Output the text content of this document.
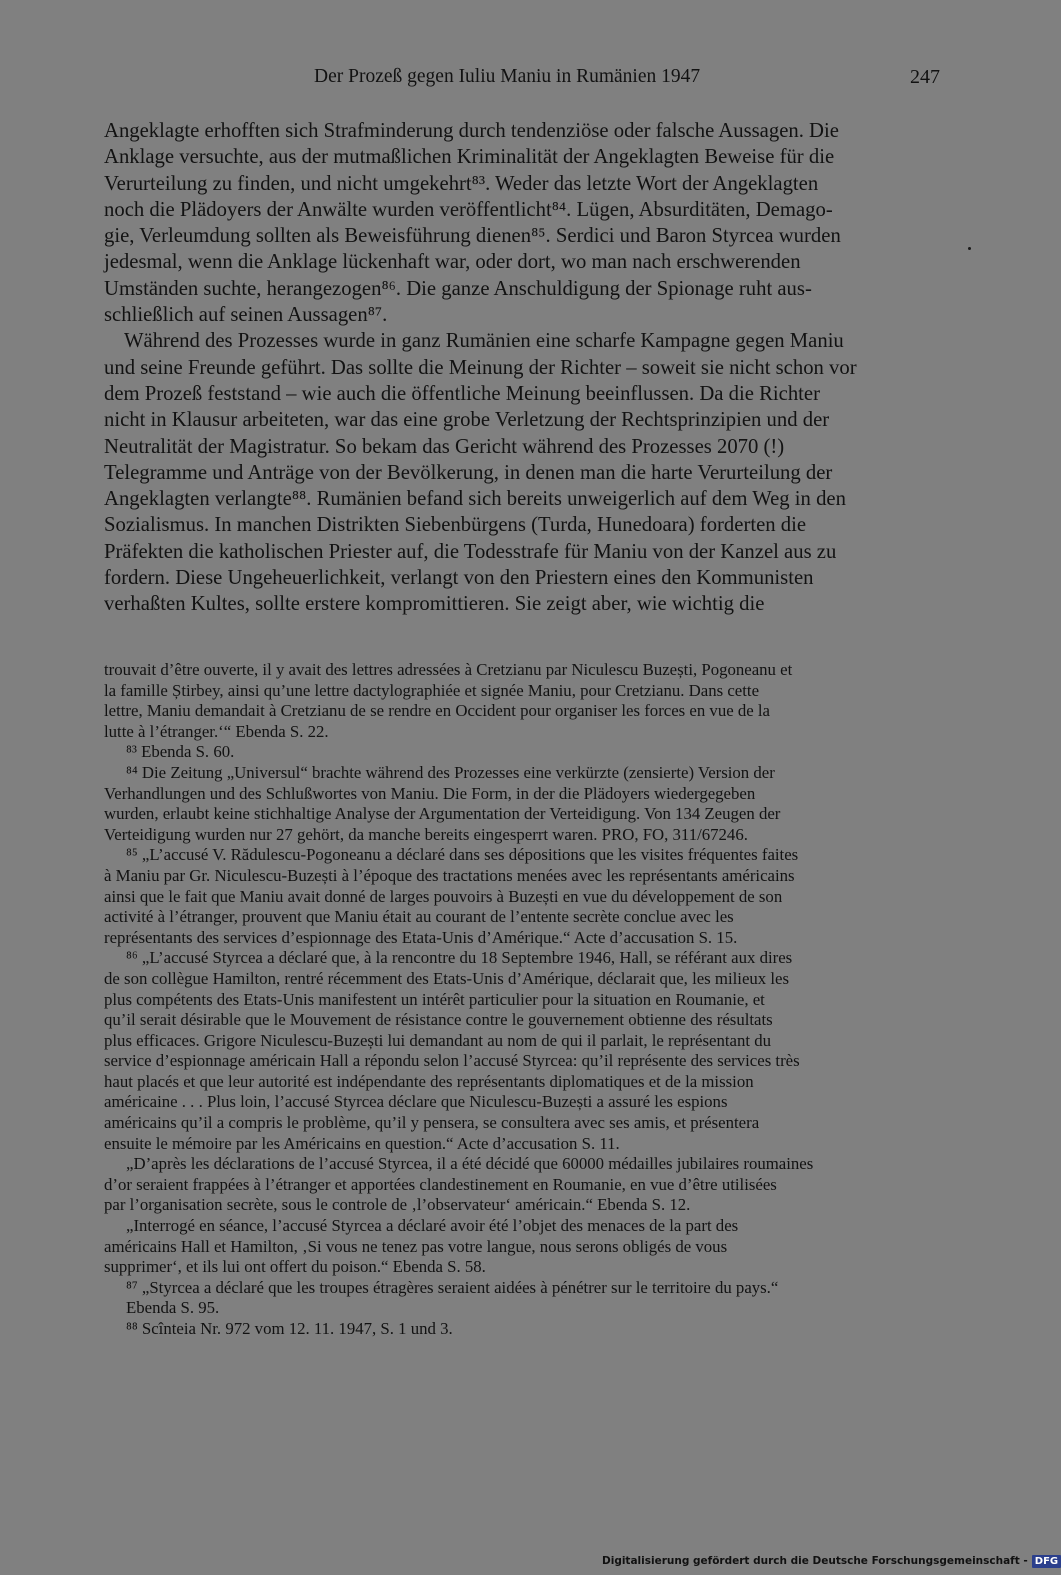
Der Prozeß gegen Iuliu Maniu in Rumänien 1947	247
Angeklagte erhofften sich Strafminderung durch tendenziöse oder falsche Aussagen. Die
Anklage versuchte, aus der mutmaßlichen Kriminalität der Angeklagten Beweise für die
Verurteilung zu finden, und nicht umgekehrt⁸³. Weder das letzte Wort der Angeklagten
noch die Plädoyers der Anwälte wurden veröffentlicht⁸⁴. Lügen, Absurditäten, Demago-
gie, Verleumdung sollten als Beweisführung dienen⁸⁵. Serdici und Baron Styrcea wurden
jedesmal, wenn die Anklage lückenhaft war, oder dort, wo man nach erschwerenden
Umständen suchte, herangezogen⁸⁶. Die ganze Anschuldigung der Spionage ruht aus-
schließlich auf seinen Aussagen⁸⁷.
Während des Prozesses wurde in ganz Rumänien eine scharfe Kampagne gegen Maniu
und seine Freunde geführt. Das sollte die Meinung der Richter – soweit sie nicht schon vor
dem Prozeß feststand – wie auch die öffentliche Meinung beeinflussen. Da die Richter
nicht in Klausur arbeiteten, war das eine grobe Verletzung der Rechtsprinzipien und der
Neutralität der Magistratur. So bekam das Gericht während des Prozesses 2070 (!)
Telegramme und Anträge von der Bevölkerung, in denen man die harte Verurteilung der
Angeklagten verlangte⁸⁸. Rumänien befand sich bereits unweigerlich auf dem Weg in den
Sozialismus. In manchen Distrikten Siebenbürgens (Turda, Hunedoara) forderten die
Präfekten die katholischen Priester auf, die Todesstrafe für Maniu von der Kanzel aus zu
fordern. Diese Ungeheuerlichkeit, verlangt von den Priestern eines den Kommunisten
verhaßten Kultes, sollte erstere kompromittieren. Sie zeigt aber, wie wichtig die
trouvait d’être ouverte, il y avait des lettres adressées à Cretzianu par Niculescu Buzești, Pogoneanu et
la famille Știrbey, ainsi qu’une lettre dactylographiée et signée Maniu, pour Cretzianu. Dans cette
lettre, Maniu demandait à Cretzianu de se rendre en Occident pour organiser les forces en vue de la
lutte à l’étranger.‘“ Ebenda S. 22.
⁸³ Ebenda S. 60.
⁸⁴ Die Zeitung „Universul“ brachte während des Prozesses eine verkürzte (zensierte) Version der
Verhandlungen und des Schlußwortes von Maniu. Die Form, in der die Plädoyers wiedergegeben
wurden, erlaubt keine stichhaltige Analyse der Argumentation der Verteidigung. Von 134 Zeugen der
Verteidigung wurden nur 27 gehört, da manche bereits eingesperrt waren. PRO, FO, 311/67246.
⁸⁵ „L’accusé V. Rădulescu-Pogoneanu a déclaré dans ses dépositions que les visites fréquentes faites
à Maniu par Gr. Niculescu-Buzești à l’époque des tractations menées avec les représentants américains
ainsi que le fait que Maniu avait donné de larges pouvoirs à Buzești en vue du développement de son
activité à l’étranger, prouvent que Maniu était au courant de l’entente secrète conclue avec les
représentants des services d’espionnage des Etata-Unis d’Amérique.“ Acte d’accusation S. 15.
⁸⁶ „L’accusé Styrcea a déclaré que, à la rencontre du 18 Septembre 1946, Hall, se référant aux dires
de son collègue Hamilton, rentré récemment des Etats-Unis d’Amérique, déclarait que, les milieux les
plus compétents des Etats-Unis manifestent un intérêt particulier pour la situation en Roumanie, et
qu’il serait désirable que le Mouvement de résistance contre le gouvernement obtienne des résultats
plus efficaces. Grigore Niculescu-Buzești lui demandant au nom de qui il parlait, le représentant du
service d’espionnage américain Hall a répondu selon l’accusé Styrcea: qu’il représente des services très
haut placés et que leur autorité est indépendante des représentants diplomatiques et de la mission
américaine . . . Plus loin, l’accusé Styrcea déclare que Niculescu-Buzești a assuré les espions
américains qu’il a compris le problème, qu’il y pensera, se consultera avec ses amis, et présentera
ensuite le mémoire par les Américains en question.“ Acte d’accusation S. 11.
„D’après les déclarations de l’accusé Styrcea, il a été décidé que 60000 médailles jubilaires roumaines
d’or seraient frappées à l’étranger et apportées clandestinement en Roumanie, en vue d’être utilisées
par l’organisation secrète, sous le controle de ‚l’observateur‘ américain.“ Ebenda S. 12.
„Interrogé en séance, l’accusé Styrcea a déclaré avoir été l’objet des menaces de la part des
américains Hall et Hamilton, ‚Si vous ne tenez pas votre langue, nous serons obligés de vous
supprimer‘, et ils lui ont offert du poison.“ Ebenda S. 58.
⁸⁷ „Styrcea a déclaré que les troupes étragères seraient aidées à pénétrer sur le territoire du pays.“
Ebenda S. 95.
⁸⁸ Scînteia Nr. 972 vom 12. 11. 1947, S. 1 und 3.
Digitalisierung gefördert durch die Deutsche Forschungsgemeinschaft - DFG
